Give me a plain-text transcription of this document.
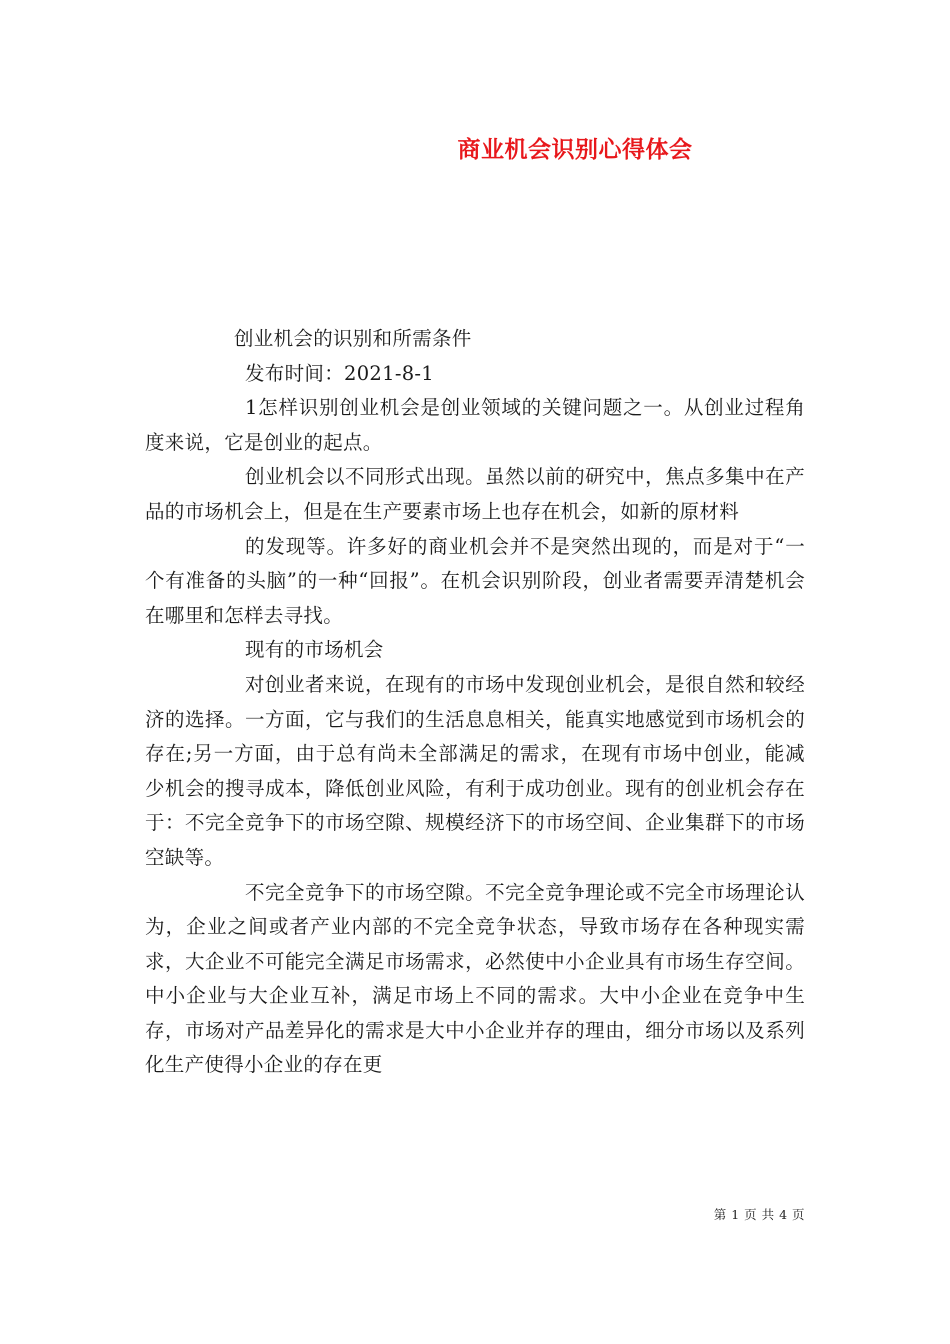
商业机会识别心得体会

创业机会的识别和所需条件

发布时间：2021-8-1

1怎样识别创业机会是创业领域的关键问题之一。从创业过程角度来说，它是创业的起点。

创业机会以不同形式出现。虽然以前的研究中，焦点多集中在产品的市场机会上，但是在生产要素市场上也存在机会，如新的原材料

的发现等。许多好的商业机会并不是突然出现的，而是对于“一个有准备的头脑”的一种“回报”。在机会识别阶段，创业者需要弄清楚机会在哪里和怎样去寻找。

现有的市场机会

对创业者来说，在现有的市场中发现创业机会，是很自然和较经济的选择。一方面，它与我们的生活息息相关，能真实地感觉到市场机会的存在;另一方面，由于总有尚未全部满足的需求，在现有市场中创业，能减少机会的搜寻成本，降低创业风险，有利于成功创业。现有的创业机会存在于：不完全竞争下的市场空隙、规模经济下的市场空间、企业集群下的市场空缺等。

不完全竞争下的市场空隙。不完全竞争理论或不完全市场理论认为，企业之间或者产业内部的不完全竞争状态，导致市场存在各种现实需求，大企业不可能完全满足市场需求，必然使中小企业具有市场生存空间。中小企业与大企业互补，满足市场上不同的需求。大中小企业在竞争中生存，市场对产品差异化的需求是大中小企业并存的理由，细分市场以及系列化生产使得小企业的存在更

第 1 页 共 4 页
